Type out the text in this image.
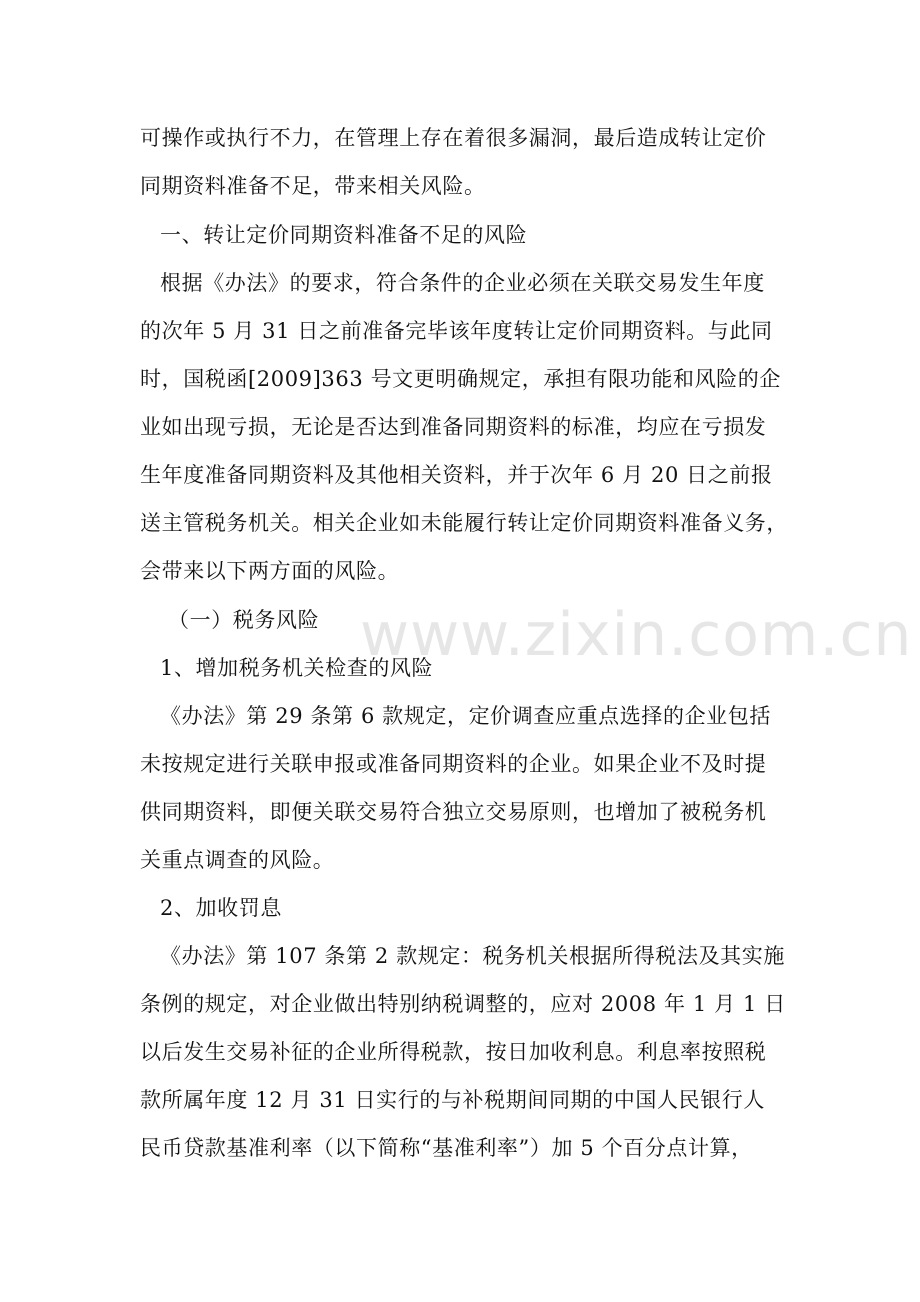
可操作或执行不力，在管理上存在着很多漏洞，最后造成转让定价
同期资料准备不足，带来相关风险。
一、转让定价同期资料准备不足的风险
根据《办法》的要求，符合条件的企业必须在关联交易发生年度
的次年 5 月 31 日之前准备完毕该年度转让定价同期资料。与此同
时，国税函[2009]363 号文更明确规定，承担有限功能和风险的企
业如出现亏损，无论是否达到准备同期资料的标准，均应在亏损发
生年度准备同期资料及其他相关资料，并于次年 6 月 20 日之前报
送主管税务机关。相关企业如未能履行转让定价同期资料准备义务，
会带来以下两方面的风险。
（一）税务风险
1、增加税务机关检查的风险
《办法》第 29 条第 6 款规定，定价调查应重点选择的企业包括
未按规定进行关联申报或准备同期资料的企业。如果企业不及时提
供同期资料，即便关联交易符合独立交易原则，也增加了被税务机
关重点调查的风险。
2、加收罚息
《办法》第 107 条第 2 款规定：税务机关根据所得税法及其实施
条例的规定，对企业做出特别纳税调整的，应对 2008 年 1 月 1 日
以后发生交易补征的企业所得税款，按日加收利息。利息率按照税
款所属年度 12 月 31 日实行的与补税期间同期的中国人民银行人
民币贷款基准利率（以下简称“基准利率”）加 5 个百分点计算，
www.zixin.com.cn
